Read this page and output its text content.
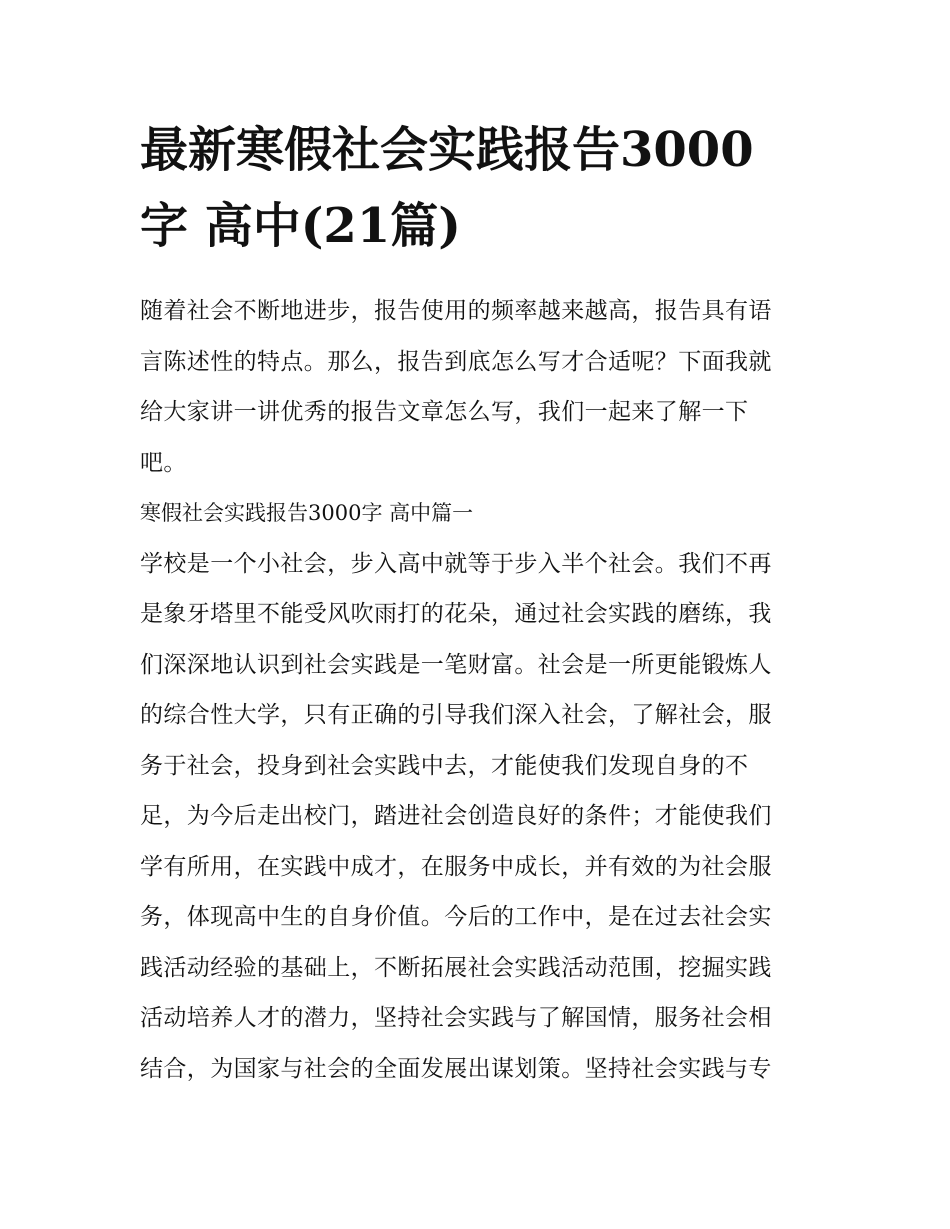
最新寒假社会实践报告3000
字 高中(21篇)

随着社会不断地进步，报告使用的频率越来越高，报告具有语
言陈述性的特点。那么，报告到底怎么写才合适呢？下面我就
给大家讲一讲优秀的报告文章怎么写，我们一起来了解一下
吧。

寒假社会实践报告3000字 高中篇一

学校是一个小社会，步入高中就等于步入半个社会。我们不再
是象牙塔里不能受风吹雨打的花朵，通过社会实践的磨练，我
们深深地认识到社会实践是一笔财富。社会是一所更能锻炼人
的综合性大学，只有正确的引导我们深入社会，了解社会，服
务于社会，投身到社会实践中去，才能使我们发现自身的不
足，为今后走出校门，踏进社会创造良好的条件；才能使我们
学有所用，在实践中成才，在服务中成长，并有效的为社会服
务，体现高中生的自身价值。今后的工作中，是在过去社会实
践活动经验的基础上，不断拓展社会实践活动范围，挖掘实践
活动培养人才的潜力，坚持社会实践与了解国情，服务社会相
结合，为国家与社会的全面发展出谋划策。坚持社会实践与专
